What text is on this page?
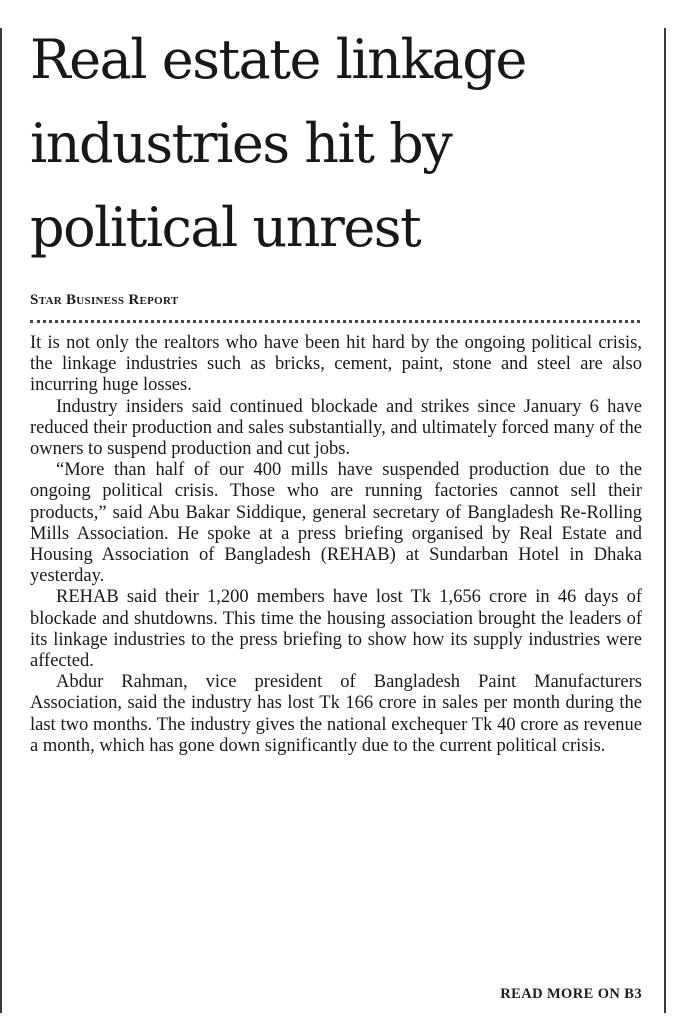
Real estate linkage
industries hit by
political unrest
Star Business Report

It is not only the realtors who have been hit hard by the ongoing political crisis, the linkage industries such as bricks, cement, paint, stone and steel are also incurring huge losses.

Industry insiders said continued blockade and strikes since January 6 have reduced their production and sales substantially, and ultimately forced many of the owners to suspend production and cut jobs.

“More than half of our 400 mills have suspended production due to the ongoing political crisis. Those who are running factories cannot sell their products,” said Abu Bakar Siddique, general secretary of Bangladesh Re-Rolling Mills Association. He spoke at a press briefing organised by Real Estate and Housing Association of Bangladesh (REHAB) at Sundarban Hotel in Dhaka yesterday.

REHAB said their 1,200 members have lost Tk 1,656 crore in 46 days of blockade and shutdowns. This time the housing association brought the leaders of its linkage industries to the press briefing to show how its supply industries were affected.

Abdur Rahman, vice president of Bangladesh Paint Manufacturers Association, said the industry has lost Tk 166 crore in sales per month during the last two months. The industry gives the national exchequer Tk 40 crore as revenue a month, which has gone down significantly due to the current political crisis.

READ MORE ON B3
